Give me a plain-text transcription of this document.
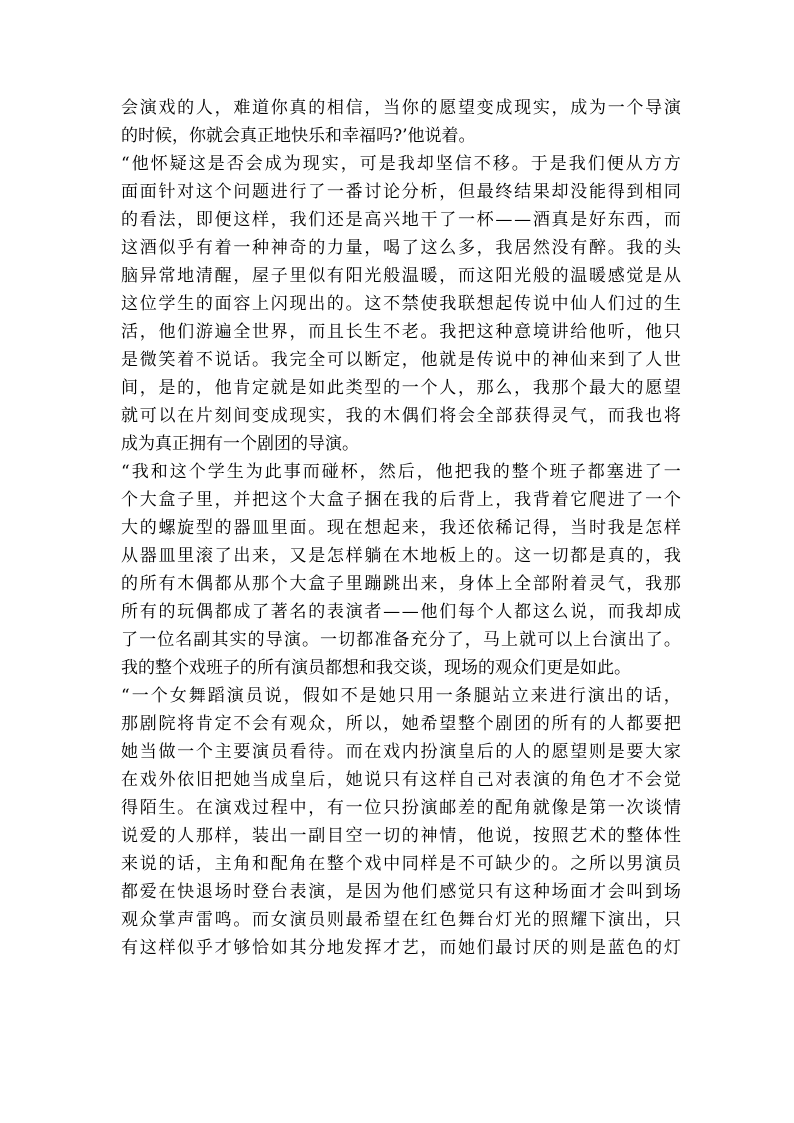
会 演 戏 的 人 ， 难 道 你 真 的 相 信 ， 当 你 的 愿 望 变 成 现 实 ， 成 为 一 个 导 演
的时候，你就会真正地快乐和幸福吗?’他说着。
“ 他 怀 疑 这 是 否 会 成 为 现 实 ， 可 是 我 却 坚 信 不 移 。 于 是 我 们 便 从 方 方
面 面 针 对 这 个 问 题 进 行 了 一 番 讨 论 分 析 ， 但 最 终 结 果 却 没 能 得 到 相 同
的 看 法 ， 即 便 这 样 ， 我 们 还 是 高 兴 地 干 了 一 杯 — — 酒 真 是 好 东 西 ， 而
这 酒 似 乎 有 着 一 种 神 奇 的 力 量 ， 喝 了 这 么 多 ， 我 居 然 没 有 醉 。 我 的 头
脑 异 常 地 清 醒 ， 屋 子 里 似 有 阳 光 般 温 暖 ， 而 这 阳 光 般 的 温 暖 感 觉 是 从
这 位 学 生 的 面 容 上 闪 现 出 的 。 这 不 禁 使 我 联 想 起 传 说 中 仙 人 们 过 的 生
活 ， 他 们 游 遍 全 世 界 ， 而 且 长 生 不 老 。 我 把 这 种 意 境 讲 给 他 听 ， 他 只
是 微 笑 着 不 说 话 。 我 完 全 可 以 断 定 ， 他 就 是 传 说 中 的 神 仙 来 到 了 人 世
间 ， 是 的 ， 他 肯 定 就 是 如 此 类 型 的 一 个 人 ， 那 么 ， 我 那 个 最 大 的 愿 望
就 可 以 在 片 刻 间 变 成 现 实 ， 我 的 木 偶 们 将 会 全 部 获 得 灵 气 ， 而 我 也 将
成为真正拥有一个剧团的导演。
“ 我 和 这 个 学 生 为 此 事 而 碰 杯 ， 然 后 ， 他 把 我 的 整 个 班 子 都 塞 进 了 一
个 大 盒 子 里 ， 并 把 这 个 大 盒 子 捆 在 我 的 后 背 上 ， 我 背 着 它 爬 进 了 一 个
大 的 螺 旋 型 的 器 皿 里 面 。 现 在 想 起 来 ， 我 还 依 稀 记 得 ， 当 时 我 是 怎 样
从 器 皿 里 滚 了 出 来 ， 又 是 怎 样 躺 在 木 地 板 上 的 。 这 一 切 都 是 真 的 ， 我
的 所 有 木 偶 都 从 那 个 大 盒 子 里 蹦 跳 出 来 ， 身 体 上 全 部 附 着 灵 气 ， 我 那
所 有 的 玩 偶 都 成 了 著 名 的 表 演 者 — — 他 们 每 个 人 都 这 么 说 ， 而 我 却 成
了 一 位 名 副 其 实 的 导 演 。 一 切 都 准 备 充 分 了 ， 马 上 就 可 以 上 台 演 出 了 。
我的整个戏班子的所有演员都想和我交谈，现场的观众们更是如此。
“ 一 个 女 舞 蹈 演 员 说 ， 假 如 不 是 她 只 用 一 条 腿 站 立 来 进 行 演 出 的 话 ，
那 剧 院 将 肯 定 不 会 有 观 众 ， 所 以 ， 她 希 望 整 个 剧 团 的 所 有 的 人 都 要 把
她 当 做 一 个 主 要 演 员 看 待 。 而 在 戏 内 扮 演 皇 后 的 人 的 愿 望 则 是 要 大 家
在 戏 外 依 旧 把 她 当 成 皇 后 ， 她 说 只 有 这 样 自 己 对 表 演 的 角 色 才 不 会 觉
得 陌 生 。 在 演 戏 过 程 中 ， 有 一 位 只 扮 演 邮 差 的 配 角 就 像 是 第 一 次 谈 情
说 爱 的 人 那 样 ， 装 出 一 副 目 空 一 切 的 神 情 ， 他 说 ， 按 照 艺 术 的 整 体 性
来 说 的 话 ， 主 角 和 配 角 在 整 个 戏 中 同 样 是 不 可 缺 少 的 。 之 所 以 男 演 员
都 爱 在 快 退 场 时 登 台 表 演 ， 是 因 为 他 们 感 觉 只 有 这 种 场 面 才 会 叫 到 场
观 众 掌 声 雷 鸣 。 而 女 演 员 则 最 希 望 在 红 色 舞 台 灯 光 的 照 耀 下 演 出 ， 只
有 这 样 似 乎 才 够 恰 如 其 分 地 发 挥 才 艺 ， 而 她 们 最 讨 厌 的 则 是 蓝 色 的 灯
